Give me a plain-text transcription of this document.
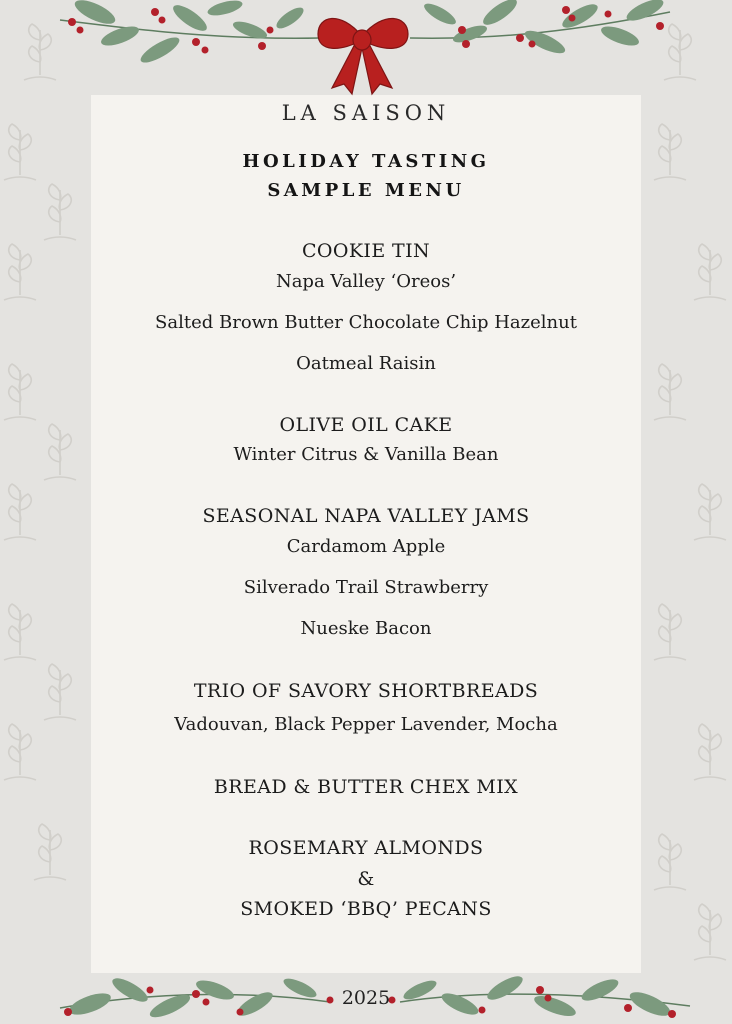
LA SAISON
HOLIDAY TASTING
SAMPLE MENU
COOKIE TIN
Napa Valley ‘Oreos’
Salted Brown Butter Chocolate Chip Hazelnut
Oatmeal Raisin
OLIVE OIL CAKE
Winter Citrus & Vanilla Bean
SEASONAL NAPA VALLEY JAMS
Cardamom Apple
Silverado Trail Strawberry
Nueske Bacon
TRIO OF SAVORY SHORTBREADS
Vadouvan, Black Pepper Lavender, Mocha
BREAD & BUTTER CHEX MIX
ROSEMARY ALMONDS
&
SMOKED ‘BBQ’ PECANS
2025
